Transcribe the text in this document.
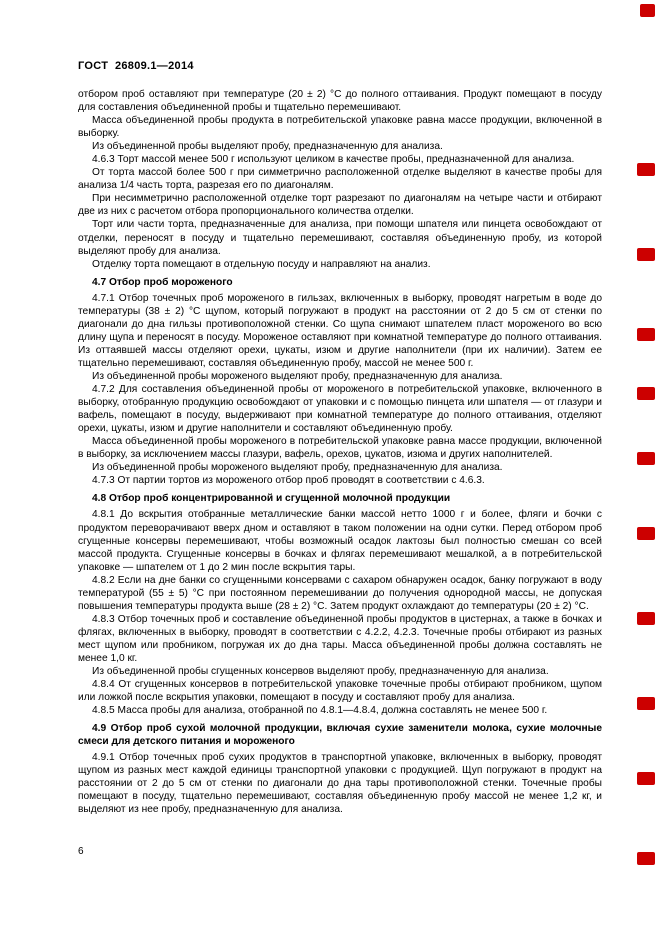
ГОСТ  26809.1—2014

отбором проб оставляют при температуре (20 ± 2) °С до полного оттаивания. Продукт помещают в посуду для составления объединенной пробы и тщательно перемешивают.

Масса объединенной пробы продукта в потребительской упаковке равна массе продукции, включенной в выборку.

Из объединенной пробы выделяют пробу, предназначенную для анализа.

4.6.3 Торт массой менее 500 г используют целиком в качестве пробы, предназначенной для анализа.

От торта массой более 500 г при симметрично расположенной отделке выделяют в качестве пробы для анализа 1/4 часть торта, разрезая его по диагоналям.

При несимметрично расположенной отделке торт разрезают по диагоналям на четыре части и отбирают две из них с расчетом отбора пропорционального количества отделки.

Торт или части торта, предназначенные для анализа, при помощи шпателя или пинцета освобождают от отделки, переносят в посуду и тщательно перемешивают, составляя объединенную пробу, из которой выделяют пробу для анализа.

Отделку торта помещают в отдельную посуду и направляют на анализ.

4.7 Отбор проб мороженого

4.7.1 Отбор точечных проб мороженого в гильзах, включенных в выборку, проводят нагретым в воде до температуры (38 ± 2) °С щупом, который погружают в продукт на расстоянии от 2 до 5 см от стенки по диагонали до дна гильзы противоположной стенки. Со щупа снимают шпателем пласт мороженого во всю длину щупа и переносят в посуду. Мороженое оставляют при комнатной температуре до полного оттаивания. Из оттаявшей массы отделяют орехи, цукаты, изюм и другие наполнители (при их наличии). Затем ее тщательно перемешивают, составляя объединенную пробу, массой не менее 500 г.

Из объединенной пробы мороженого выделяют пробу, предназначенную для анализа.

4.7.2 Для составления объединенной пробы от мороженого в потребительской упаковке, включенного в выборку, отобранную продукцию освобождают от упаковки и с помощью пинцета или шпателя — от глазури и вафель, помещают в посуду, выдерживают при комнатной температуре до полного оттаивания, отделяют орехи, цукаты, изюм и другие наполнители и составляют объединенную пробу.

Масса объединенной пробы мороженого в потребительской упаковке равна массе продукции, включенной в выборку, за исключением массы глазури, вафель, орехов, цукатов, изюма и других наполнителей.

Из объединенной пробы мороженого выделяют пробу, предназначенную для анализа.

4.7.3 От партии тортов из мороженого отбор проб проводят в соответствии с 4.6.3.

4.8 Отбор проб концентрированной и сгущенной молочной продукции

4.8.1 До вскрытия отобранные металлические банки массой нетто 1000 г и более, фляги и бочки с продуктом переворачивают вверх дном и оставляют в таком положении на одни сутки. Перед отбором проб сгущенные консервы перемешивают, чтобы возможный осадок лактозы был полностью смешан со всей массой продукта. Сгущенные консервы в бочках и флягах перемешивают мешалкой, а в потребительской упаковке — шпателем от 1 до 2 мин после вскрытия тары.

4.8.2 Если на дне банки со сгущенными консервами с сахаром обнаружен осадок, банку погружают в воду температурой (55 ± 5) °С при постоянном перемешивании до получения однородной массы, не допуская повышения температуры продукта выше (28 ± 2) °С. Затем продукт охлаждают до температуры (20 ± 2) °С.

4.8.3 Отбор точечных проб и составление объединенной пробы продуктов в цистернах, а также в бочках и флягах, включенных в выборку, проводят в соответствии с 4.2.2, 4.2.3. Точечные пробы отбирают из разных мест щупом или пробником, погружая их до дна тары. Масса объединенной пробы должна составлять не менее 1,0 кг.

Из объединенной пробы сгущенных консервов выделяют пробу, предназначенную для анализа.

4.8.4 От сгущенных консервов в потребительской упаковке точечные пробы отбирают пробником, щупом или ложкой после вскрытия упаковки, помещают в посуду и составляют пробу для анализа.

4.8.5 Масса пробы для анализа, отобранной по 4.8.1—4.8.4, должна составлять не менее 500 г.

4.9 Отбор проб сухой молочной продукции, включая сухие заменители молока, сухие молочные смеси для детского питания и мороженого

4.9.1 Отбор точечных проб сухих продуктов в транспортной упаковке, включенных в выборку, проводят щупом из разных мест каждой единицы транспортной упаковки с продукцией. Щуп погружают в продукт на расстоянии от 2 до 5 см от стенки по диагонали до дна тары противоположной стенки. Точечные пробы помещают в посуду, тщательно перемешивают, составляя объединенную пробу массой не менее 1,2 кг, и выделяют из нее пробу, предназначенную для анализа.

6
